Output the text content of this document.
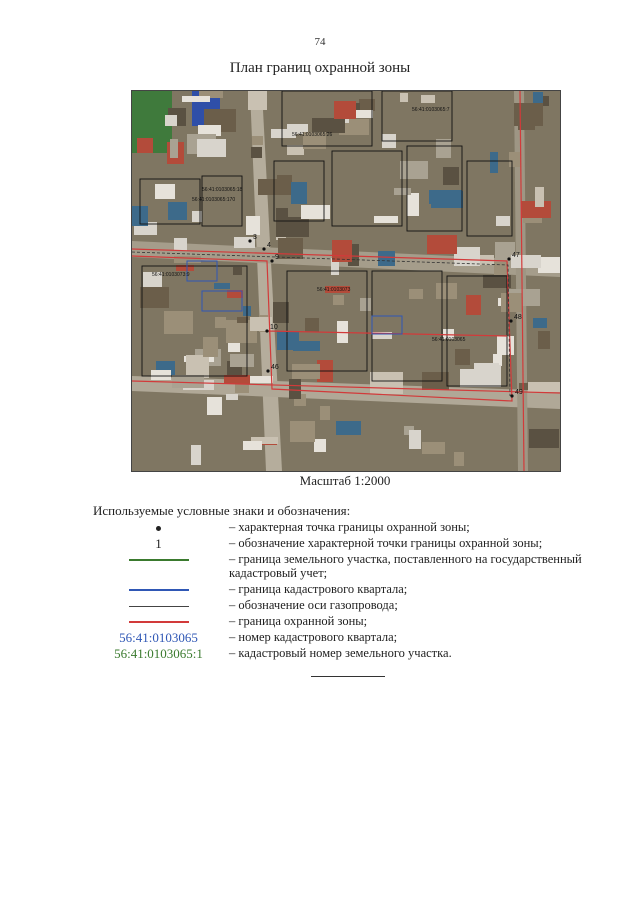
74
План границ охранной зоны
3
4
9
10
46
47
48
49
56:41:0103065:18
56:41:0103065:170
56:41:0103065:26
56:41:0103065:7
56:41:0103073:9
56:41:0103073
56:41:0103065
Масштаб 1:2000
Используемые условные знаки и обозначения:
– характерная точка границы охранной зоны;
1	– обозначение характерной точки границы охранной зоны;
– граница земельного участка, поставленного на государственный кадастровый учет;
– граница кадастрового квартала;
– обозначение оси газопровода;
– граница охранной зоны;
56:41:0103065	– номер кадастрового квартала;
56:41:0103065:1	– кадастровый номер земельного участка.
